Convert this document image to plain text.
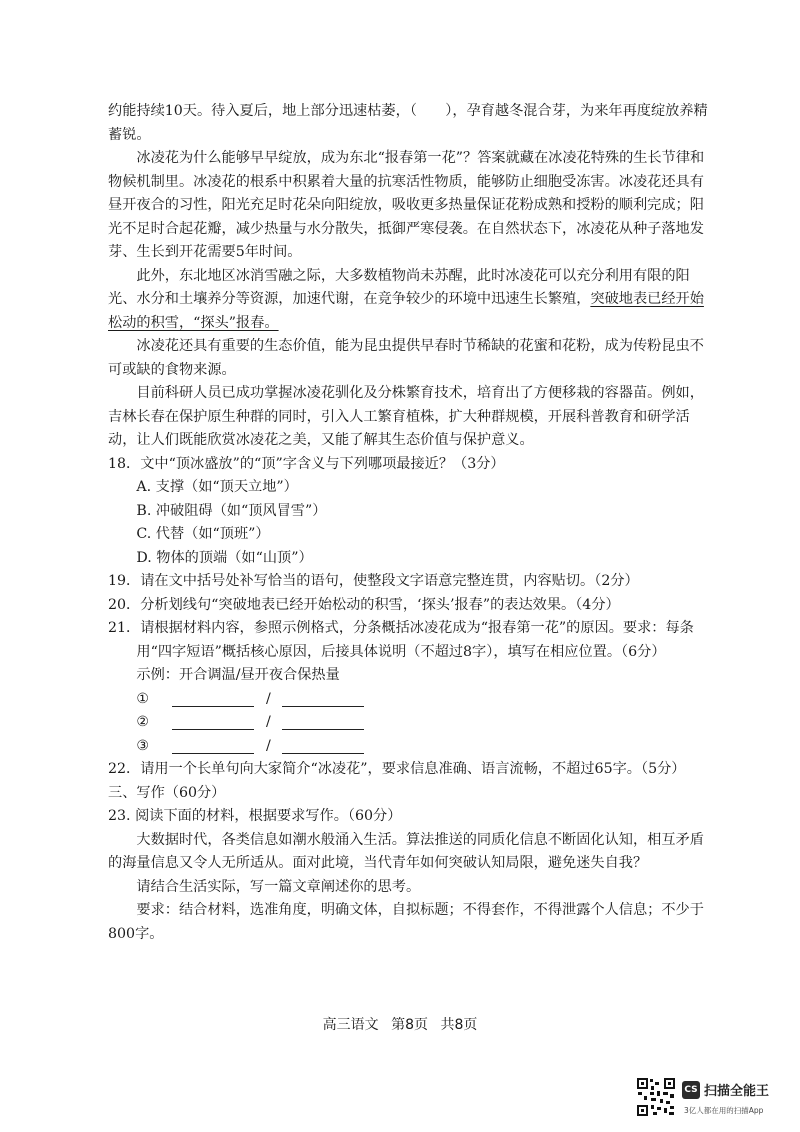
约能持续10天。待入夏后，地上部分迅速枯萎，（　　），孕育越冬混合芽，为来年再度绽放养精蓄锐。

冰凌花为什么能够早早绽放，成为东北“报春第一花”？答案就藏在冰凌花特殊的生长节律和物候机制里。冰凌花的根系中积累着大量的抗寒活性物质，能够防止细胞受冻害。冰凌花还具有昼开夜合的习性，阳光充足时花朵向阳绽放，吸收更多热量保证花粉成熟和授粉的顺利完成；阳光不足时合起花瓣，减少热量与水分散失，抵御严寒侵袭。在自然状态下，冰凌花从种子落地发芽、生长到开花需要5年时间。

此外，东北地区冰消雪融之际，大多数植物尚未苏醒，此时冰凌花可以充分利用有限的阳光、水分和土壤养分等资源，加速代谢，在竞争较少的环境中迅速生长繁殖，突破地表已经开始松动的积雪，“探头”报春。

冰凌花还具有重要的生态价值，能为昆虫提供早春时节稀缺的花蜜和花粉，成为传粉昆虫不可或缺的食物来源。

目前科研人员已成功掌握冰凌花驯化及分株繁育技术，培育出了方便移栽的容器苗。例如，吉林长春在保护原生种群的同时，引入人工繁育植株，扩大种群规模，开展科普教育和研学活动，让人们既能欣赏冰凌花之美，又能了解其生态价值与保护意义。

18．文中“顶冰盛放”的“顶”字含义与下列哪项最接近？（3分）

A. 支撑（如“顶天立地”）

B. 冲破阻碍（如“顶风冒雪”）

C. 代替（如“顶班”）

D. 物体的顶端（如“山顶”）

19．请在文中括号处补写恰当的语句，使整段文字语意完整连贯，内容贴切。（2分）

20．分析划线句“突破地表已经开始松动的积雪，‘探头’报春”的表达效果。（4分）

21．请根据材料内容，参照示例格式，分条概括冰凌花成为“报春第一花”的原因。要求：每条用“四字短语”概括核心原因，后接具体说明（不超过8字），填写在相应位置。（6分）

示例：开合调温/昼开夜合保热量

①	/
②	/
③	/

22．请用一个长单句向大家简介“冰凌花”，要求信息准确、语言流畅，不超过65字。（5分）

三、写作（60分）

23. 阅读下面的材料，根据要求写作。（60分）

大数据时代，各类信息如潮水般涌入生活。算法推送的同质化信息不断固化认知，相互矛盾的海量信息又令人无所适从。面对此境，当代青年如何突破认知局限，避免迷失自我？

请结合生活实际，写一篇文章阐述你的思考。

要求：结合材料，选准角度，明确文体，自拟标题；不得套作，不得泄露个人信息；不少于800字。

高三语文 第8页 共8页
CS 扫描全能王
3亿人都在用的扫描App
